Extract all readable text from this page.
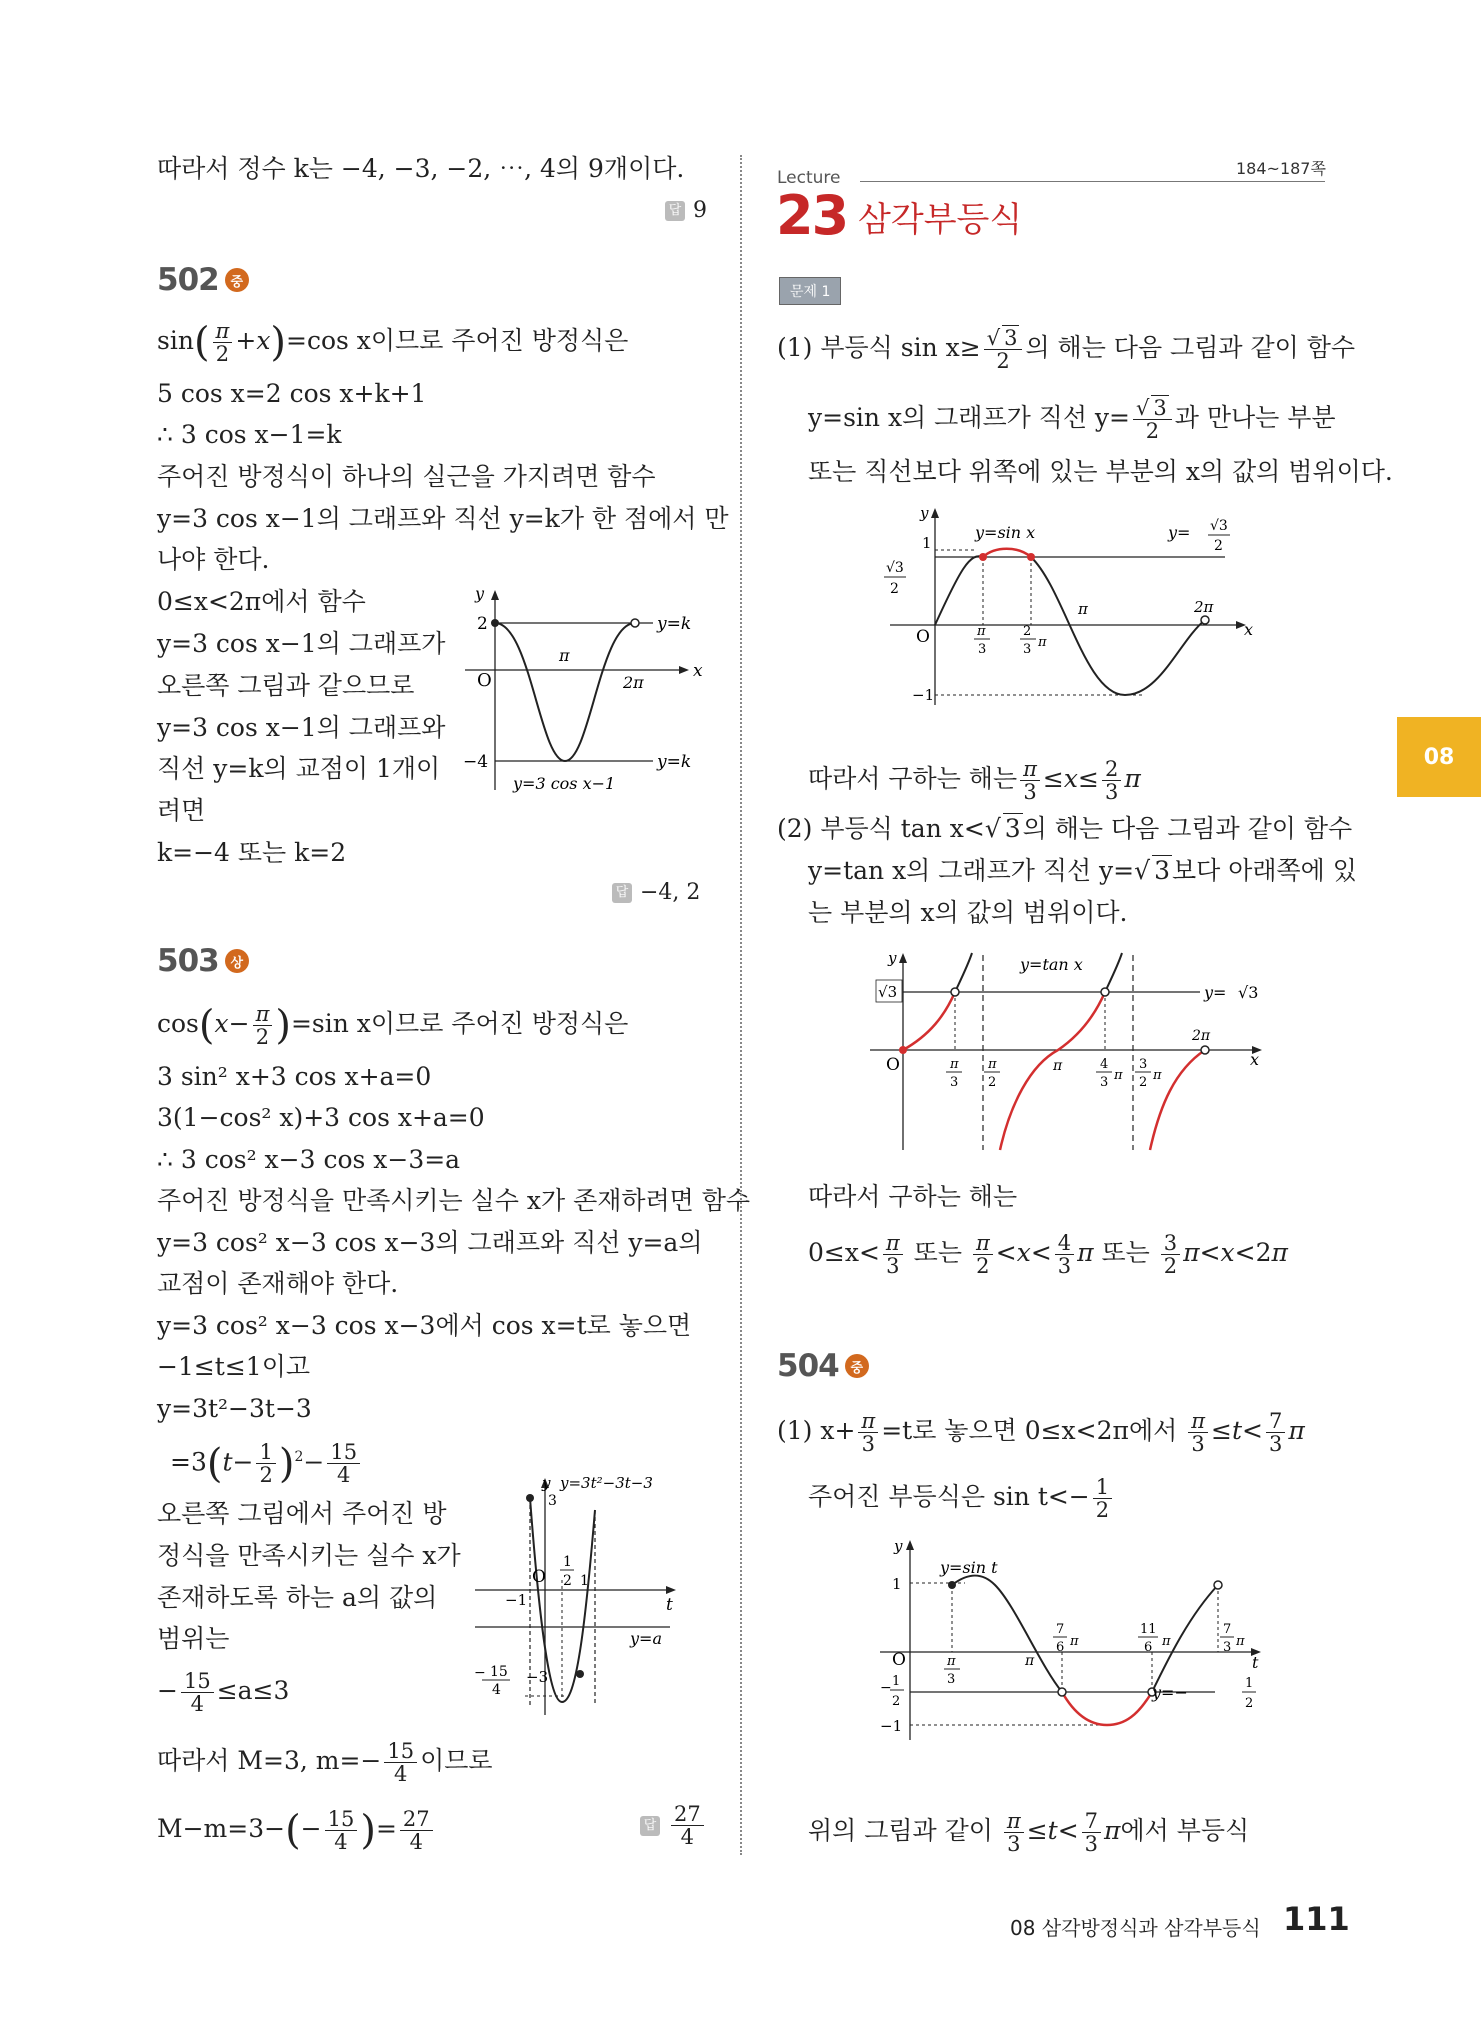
따라서 정수 k는 −4, −3, −2, ⋯, 4의 9개이다.
답 9
502 중
$\sin( \frac{\pi}{2} +x)=\cos$ x이므로 주어진 방정식은
5 cos x=2 cos x+k+1
∴ 3 cos x−1=k
주어진 방정식이 하나의 실근을 가지려면 함수
y=3 cos x−1의 그래프와 직선 y=k가 한 점에서 만
나야 한다.
0≤x<2π에서 함수
y=3 cos x−1의 그래프가
오른쪽 그림과 같으므로
y=3 cos x−1의 그래프와
직선 y=k의 교점이 1개이
려면
k=−4 또는 k=2
답 −4, 2
y
x
O
2
−4
π
2π
y=k
y=k
y=3 cos x−1
503 상
$\cos(x- \frac{\pi}{2} )=\sin$ x이므로 주어진 방정식은
3 sin² x+3 cos x+a=0
3(1−cos² x)+3 cos x+a=0
∴ 3 cos² x−3 cos x−3=a
주어진 방정식을 만족시키는 실수 x가 존재하려면 함수
y=3 cos² x−3 cos x−3의 그래프와 직선 y=a의
교점이 존재해야 한다.
y=3 cos² x−3 cos x−3에서 cos x=t로 놓으면
−1≤t≤1이고
y=3t²−3t−3
$=3(t- \frac{1}{2} )^2- \frac{15}{4}$
오른쪽 그림에서 주어진 방
정식을 만족시키는 실수 x가
존재하도록 하는 a의 값의
범위는
− $\frac{15}{4} \le a\le 3$
따라서 M=3, $m=- \frac{15}{4}$ 이므로
$M-m=3-(- \frac{15}{4}$ )= $\frac{27}{4}$	답 $\frac{27}{4}$
y
t
O
y=3t²−3t−3
y=a
3
−3
−1
1
1
2
15
−
4
Lecture	184~187쪽
23 삼각부등식
문제 1
08
(1) 부등식 $\sin x\ge \frac{√ 3}{2}$ 의 해는 다음 그림과 같이 함수
y=sin x의 그래프가 직선 $y= \frac{√ 3}{2}$ 과 만나는 부분
또는 직선보다 위쪽에 있는 부분의 x의 값의 범위이다.
y
x
O
1
−1
y=sin x	y= √3
2
√3
2
π	2π
π
3
2
3 π
따라서 구하는 해는 $\frac{\pi}{3} \le x\le \frac{2}{3}$ π
(2) 부등식 tan x<√ 3의 해는 다음 그림과 같이 함수
y=tan x의 그래프가 직선 y=√ 3보다 아래쪽에 있
는 부분의 x의 값의 범위이다.
y
x
O
y=tan x
y= √3
√3
π
2π
π
3
π
2
4
3 π
3
2 π
따라서 구하는 해는
$0\le x< \frac{\pi}{3}$ 또는 $\frac{\pi}{2} <x< \frac{4}{3}$ π 또는 $\frac{3}{2} \pi<x<2\pi$
504 중
(1) $x+ \frac{\pi}{3} =t$로 놓으면 0≤x<2π에서 $\frac{\pi}{3} \le t< \frac{7}{3}$ π
주어진 부등식은 $\sin t<- \frac{1}{2}$
y
t
O
1
−1
− 1
2
y=sin t
y=−	1
2
π
π
3
7
6 π
11
6 π
7
3 π
위의 그림과 같이 $\frac{\pi}{3} \le t< \frac{7}{3}$ π에서 부등식
08 삼각방정식과 삼각부등식 111
